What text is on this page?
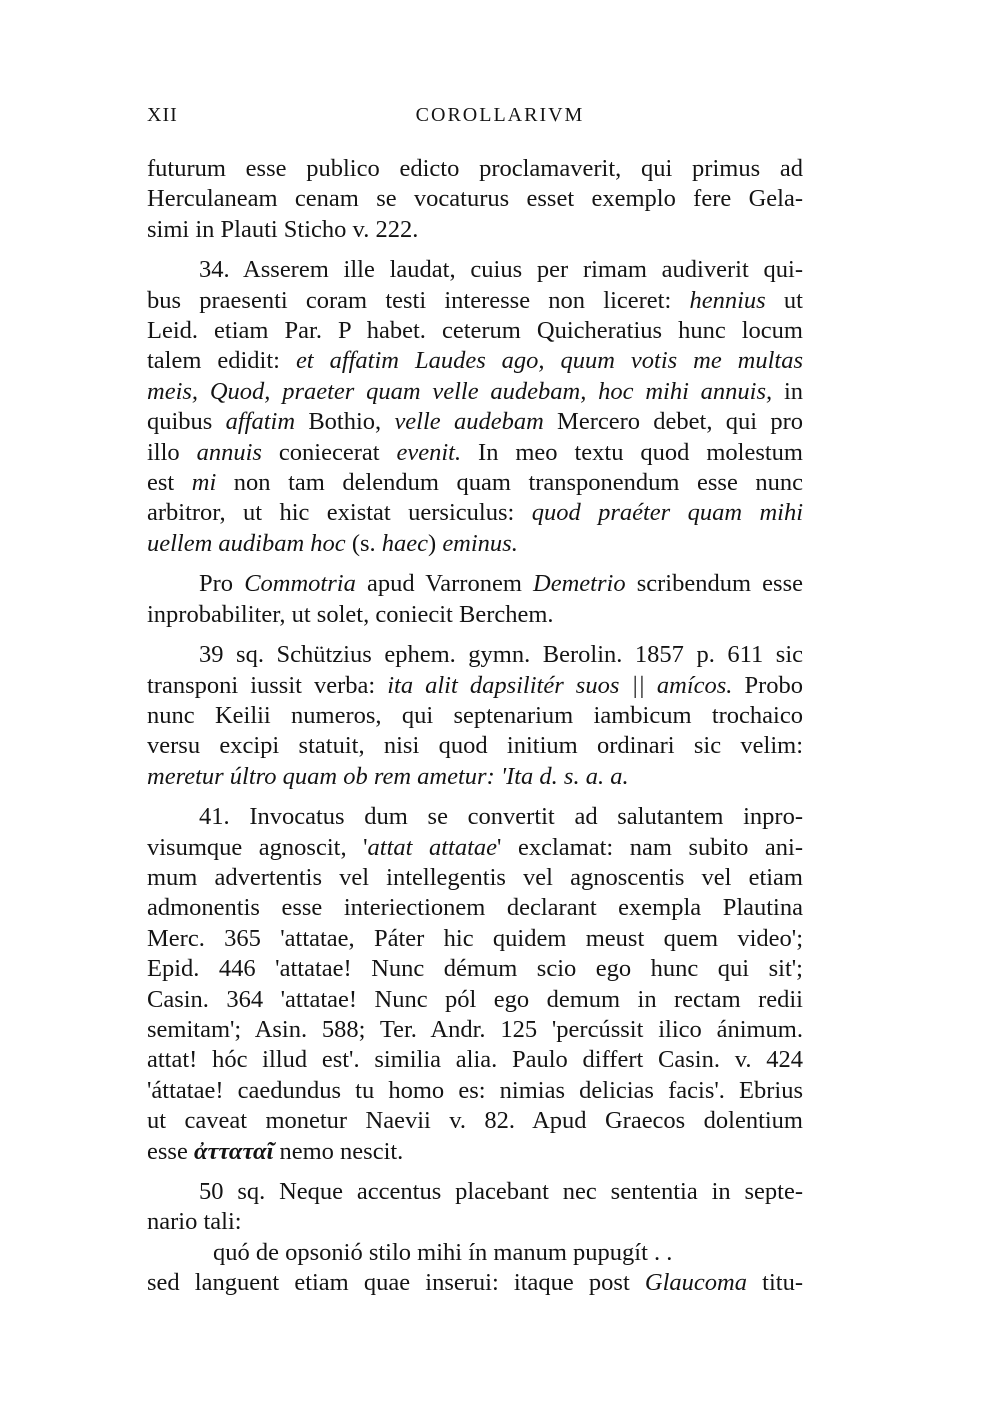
XII	COROLLARIVM
futurum esse publico edicto proclamaverit, qui primus ad
Herculaneam cenam se vocaturus esset exemplo fere Gela-
simi in Plauti Sticho v. 222.
34. Asserem ille laudat, cuius per rimam audiverit qui-
bus praesenti coram testi interesse non liceret: hennius ut
Leid. etiam Par. P habet. ceterum Quicheratius hunc locum
talem edidit: et affatim Laudes ago, quum votis me multas
meis, Quod, praeter quam velle audebam, hoc mihi annuis, in
quibus affatim Bothio, velle audebam Mercero debet, qui pro
illo annuis coniecerat evenit. In meo textu quod molestum
est mi non tam delendum quam transponendum esse nunc
arbitror, ut hic existat uersiculus: quod praéter quam mihi
uellem audibam hoc (s. haec) eminus.
Pro Commotria apud Varronem Demetrio scribendum esse
inprobabiliter, ut solet, coniecit Berchem.
39 sq. Schützius ephem. gymn. Berolin. 1857 p. 611 sic
transponi iussit verba: ita alit dapsilitér suos || amícos. Probo
nunc Keilii numeros, qui septenarium iambicum trochaico
versu excipi statuit, nisi quod initium ordinari sic velim:
meretur últro quam ob rem ametur: 'Ita d. s. a. a.
41. Invocatus dum se convertit ad salutantem inpro-
visumque agnoscit, 'attat attatae' exclamat: nam subito ani-
mum advertentis vel intellegentis vel agnoscentis vel etiam
admonentis esse interiectionem declarant exempla Plautina
Merc. 365 'attatae, Páter hic quidem meust quem video';
Epid. 446 'attatae! Nunc démum scio ego hunc qui sit';
Casin. 364 'attatae! Nunc pól ego demum in rectam redii
semitam'; Asin. 588; Ter. Andr. 125 'percússit ilico ánimum.
attat! hóc illud est'. similia alia. Paulo differt Casin. v. 424
'áttatae! caedundus tu homo es: nimias delicias facis'. Ebrius
ut caveat monetur Naevii v. 82. Apud Graecos dolentium
esse ἀτταταῖ nemo nescit.
50 sq. Neque accentus placebant nec sententia in septe-
nario tali:
quó de opsonió stilo mihi ín manum pupugít . .
sed languent etiam quae inserui: itaque post Glaucoma titu-
